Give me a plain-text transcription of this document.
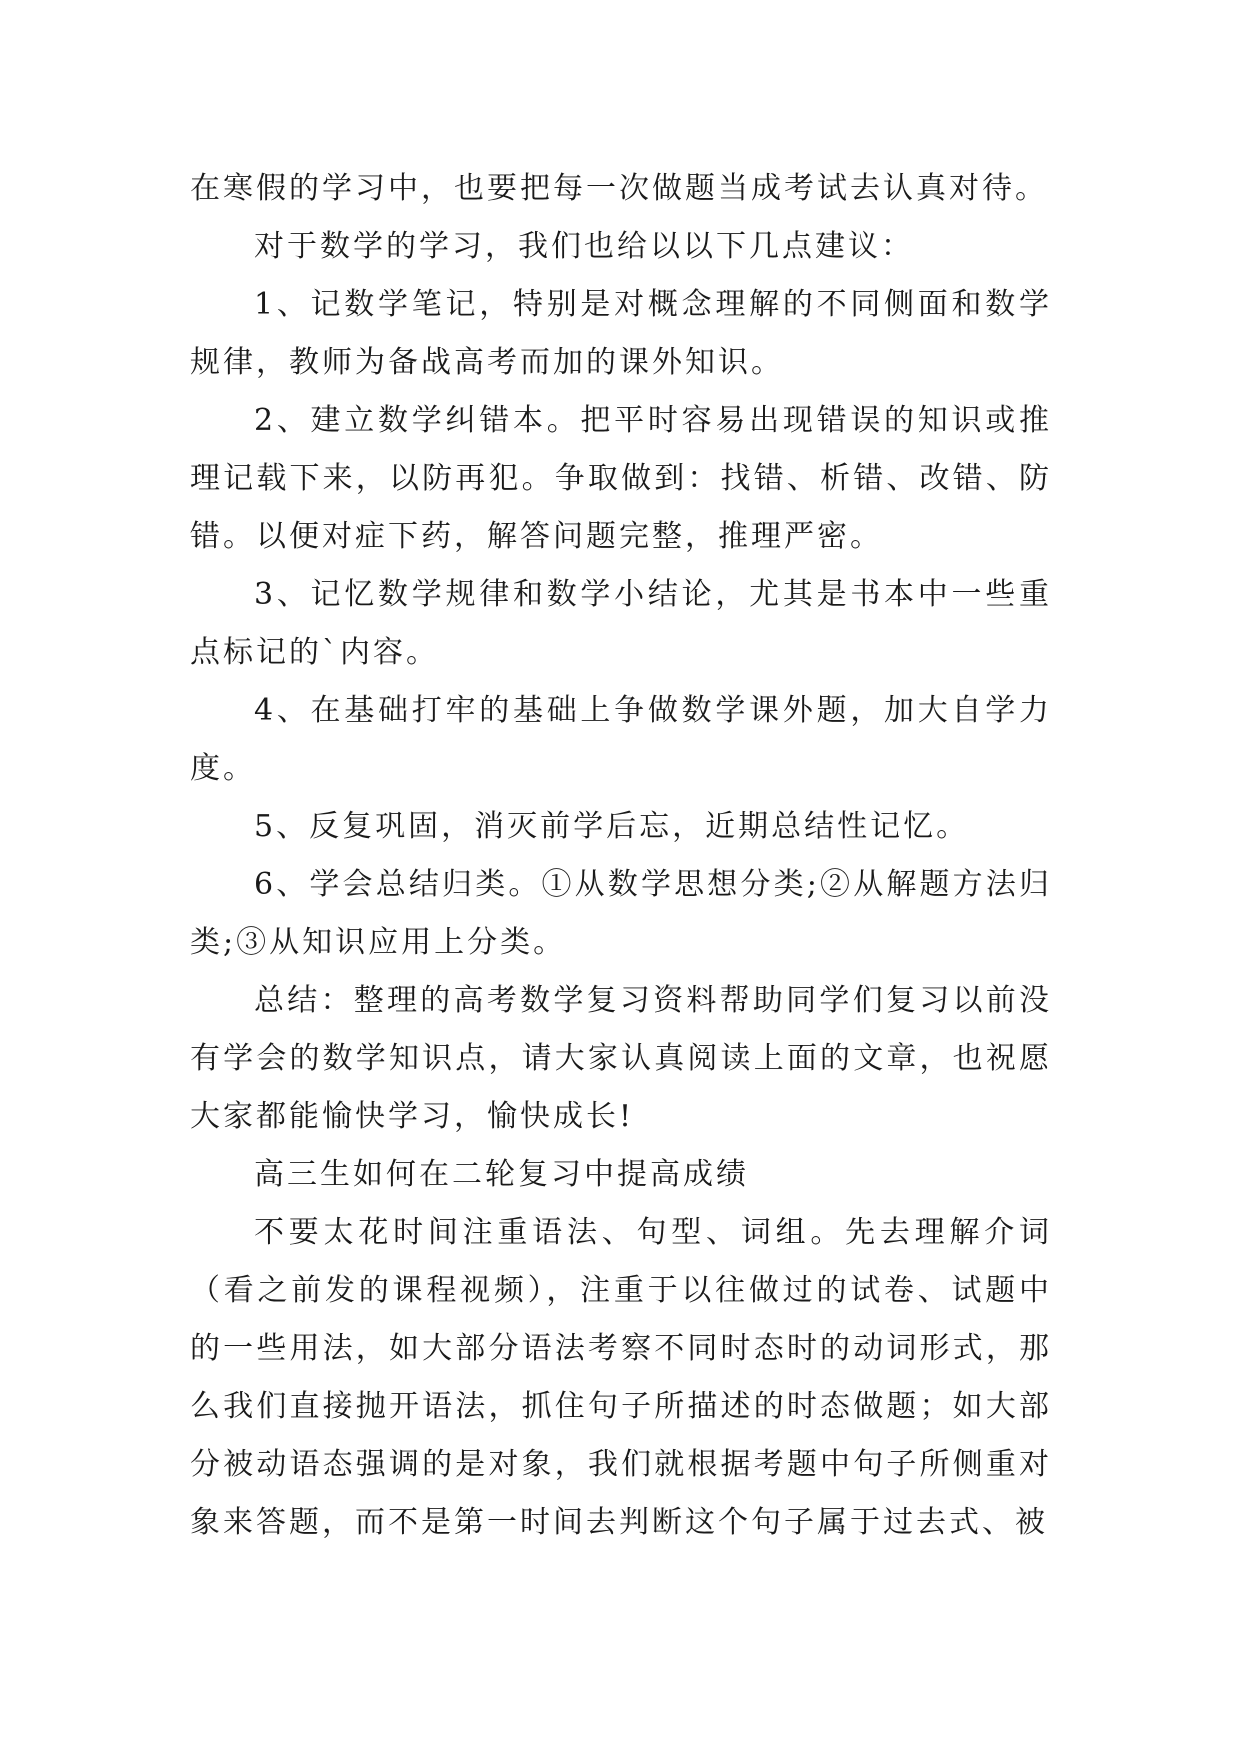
在寒假的学习中，也要把每一次做题当成考试去认真对待。

对于数学的学习，我们也给以以下几点建议：

1、记数学笔记，特别是对概念理解的不同侧面和数学规律，教师为备战高考而加的课外知识。

2、建立数学纠错本。把平时容易出现错误的知识或推理记载下来，以防再犯。争取做到：找错、析错、改错、防错。以便对症下药，解答问题完整，推理严密。

3、记忆数学规律和数学小结论，尤其是书本中一些重点标记的`内容。

4、在基础打牢的基础上争做数学课外题，加大自学力度。

5、反复巩固，消灭前学后忘，近期总结性记忆。

6、学会总结归类。①从数学思想分类;②从解题方法归类;③从知识应用上分类。

总结：整理的高考数学复习资料帮助同学们复习以前没有学会的数学知识点，请大家认真阅读上面的文章，也祝愿大家都能愉快学习，愉快成长!

高三生如何在二轮复习中提高成绩

不要太花时间注重语法、句型、词组。先去理解介词（看之前发的课程视频），注重于以往做过的试卷、试题中的一些用法，如大部分语法考察不同时态时的动词形式，那么我们直接抛开语法，抓住句子所描述的时态做题；如大部分被动语态强调的是对象，我们就根据考题中句子所侧重对象来答题，而不是第一时间去判断这个句子属于过去式、被
